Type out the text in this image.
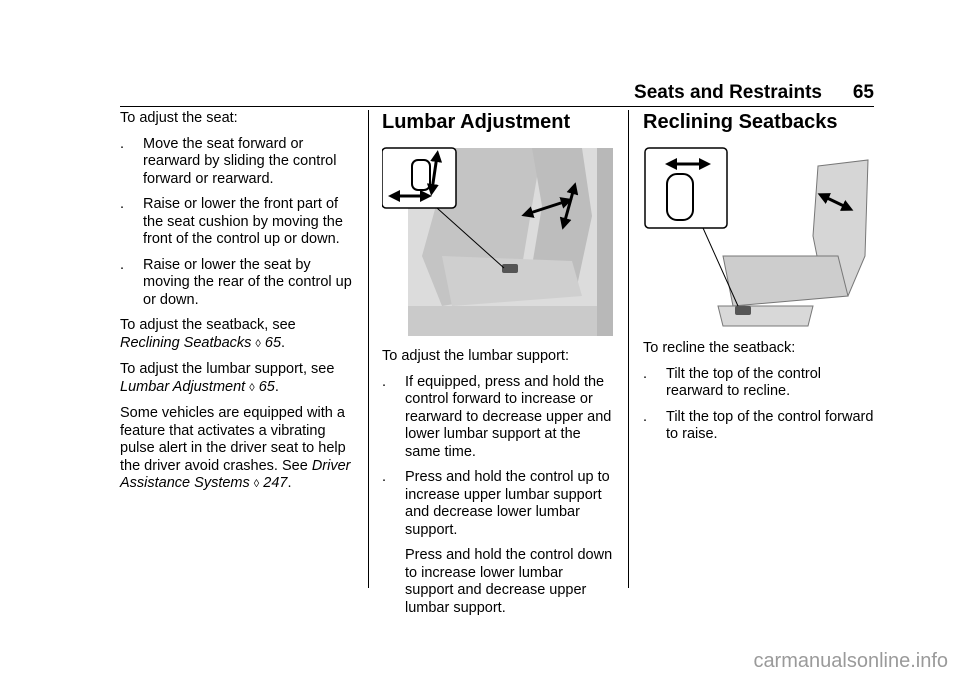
Seats and Restraints 65

To adjust the seat:

. Move the seat forward or rearward by sliding the control forward or rearward.
. Raise or lower the front part of the seat cushion by moving the front of the control up or down.
. Raise or lower the seat by moving the rear of the control up or down.

To adjust the seatback, see
Reclining Seatbacks ◊ 65.

To adjust the lumbar support, see
Lumbar Adjustment ◊ 65.

Some vehicles are equipped with a feature that activates a vibrating pulse alert in the driver seat to help the driver avoid crashes. See Driver Assistance Systems ◊ 247.

Lumbar Adjustment

To adjust the lumbar support:

. If equipped, press and hold the control forward to increase or rearward to decrease upper and lower lumbar support at the same time.
. Press and hold the control up to increase upper lumbar support and decrease lower lumbar support.

Press and hold the control down to increase lower lumbar support and decrease upper lumbar support.

Reclining Seatbacks

To recline the seatback:

. Tilt the top of the control rearward to recline.
. Tilt the top of the control forward to raise.
carmanualsonline.info
